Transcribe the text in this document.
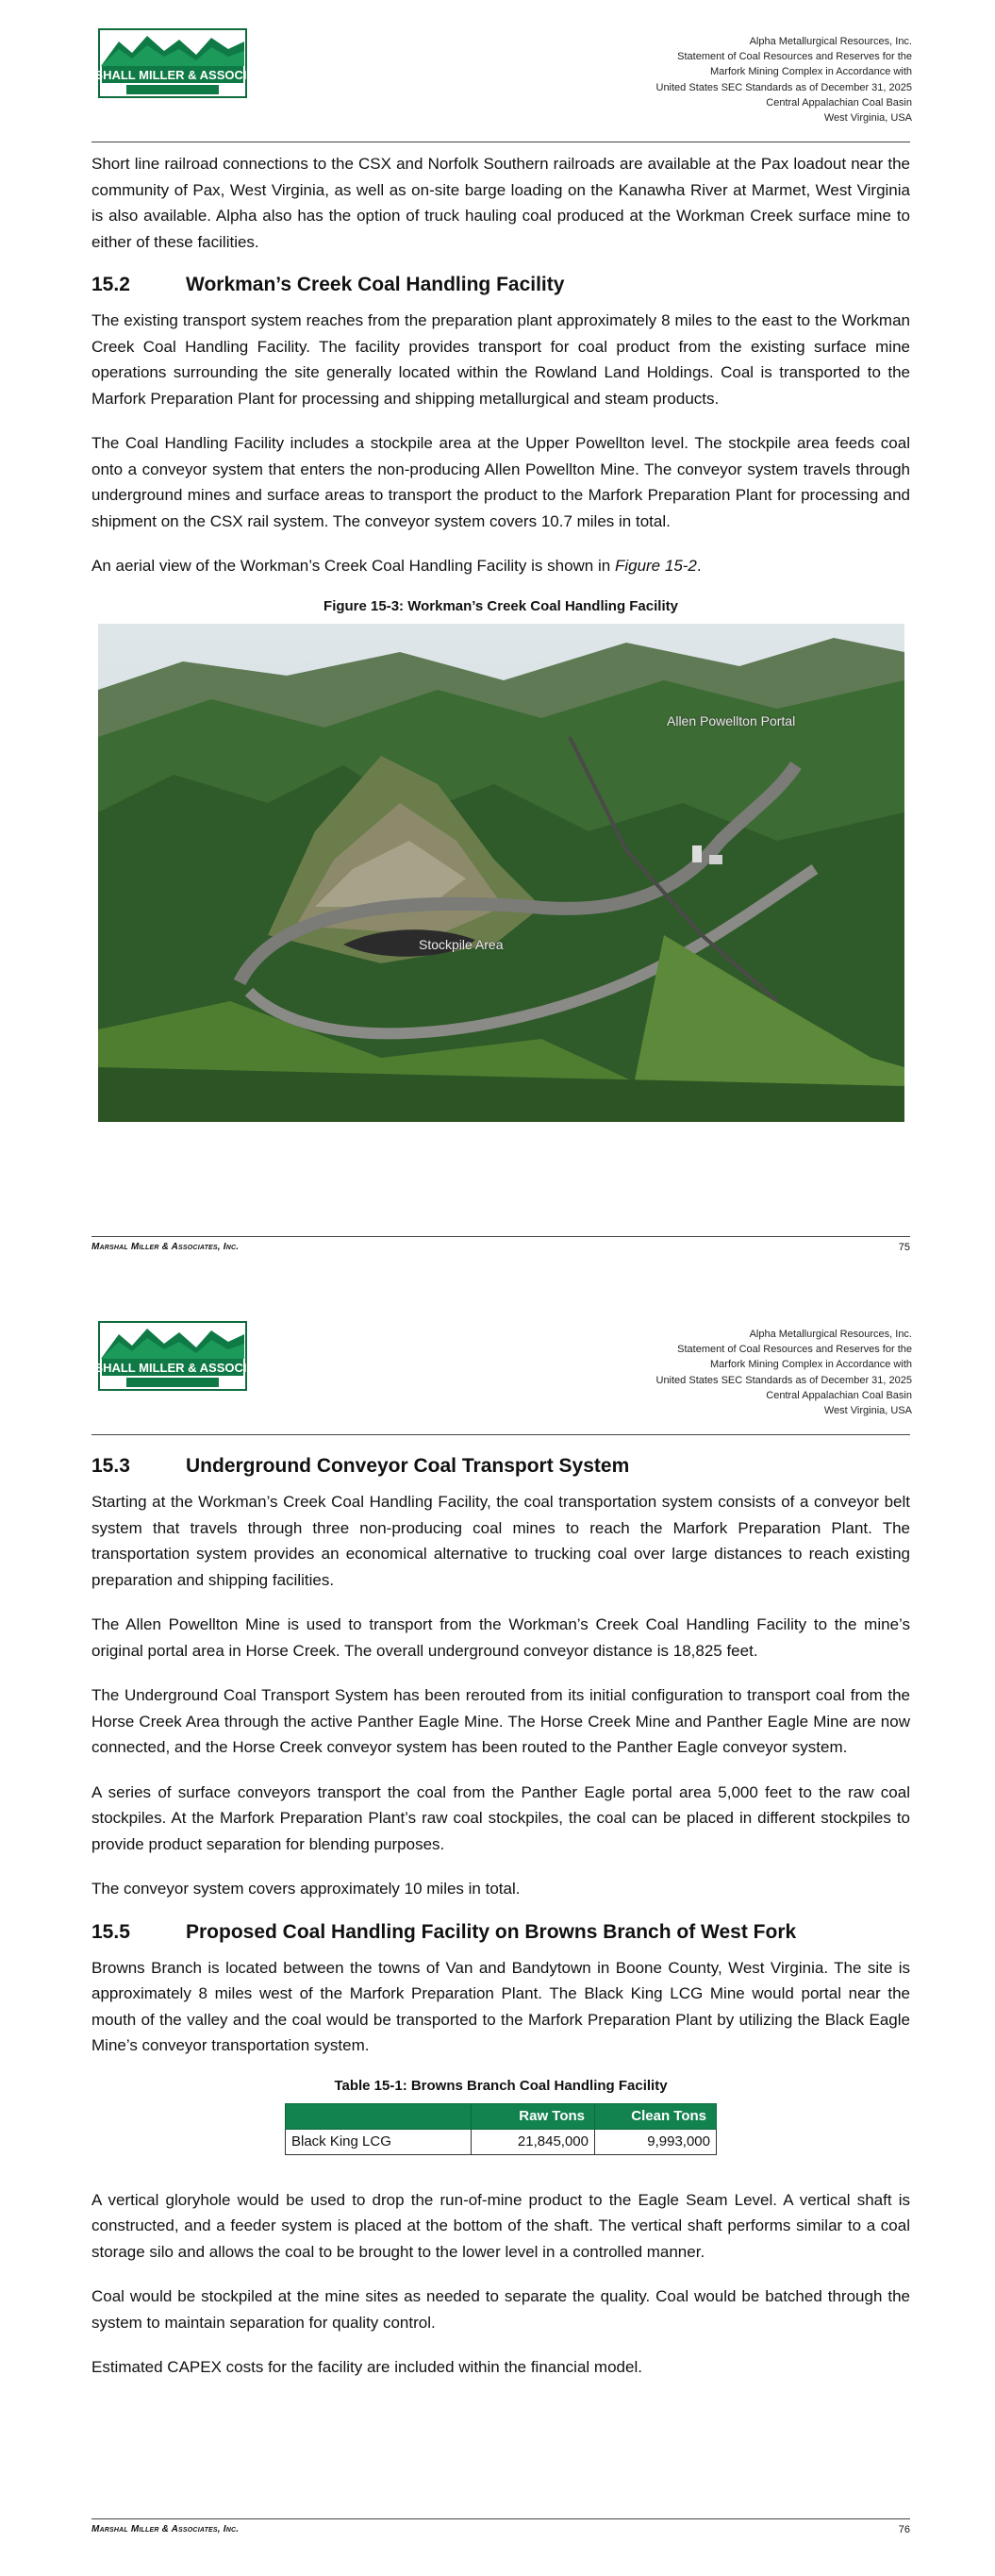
MARSHALL MILLER & ASSOCIATES
Alpha Metallurgical Resources, Inc.
Statement of Coal Resources and Reserves for the
Marfork Mining Complex in Accordance with
United States SEC Standards as of December 31, 2025
Central Appalachian Coal Basin
West Virginia, USA

Short line railroad connections to the CSX and Norfolk Southern railroads are available at the Pax loadout near the community of Pax, West Virginia, as well as on-site barge loading on the Kanawha River at Marmet, West Virginia is also available. Alpha also has the option of truck hauling coal produced at the Workman Creek surface mine to either of these facilities.

15.2	Workman’s Creek Coal Handling Facility

The existing transport system reaches from the preparation plant approximately 8 miles to the east to the Workman Creek Coal Handling Facility. The facility provides transport for coal product from the existing surface mine operations surrounding the site generally located within the Rowland Land Holdings. Coal is transported to the Marfork Preparation Plant for processing and shipping metallurgical and steam products.

The Coal Handling Facility includes a stockpile area at the Upper Powellton level. The stockpile area feeds coal onto a conveyor system that enters the non-producing Allen Powellton Mine. The conveyor system travels through underground mines and surface areas to transport the product to the Marfork Preparation Plant for processing and shipment on the CSX rail system. The conveyor system covers 10.7 miles in total.

An aerial view of the Workman’s Creek Coal Handling Facility is shown in Figure 15-2.

Figure 15-3: Workman’s Creek Coal Handling Facility
Allen Powellton Portal
Stockpile Area
Marshal Miller & Associates, Inc.	75
MARSHALL MILLER & ASSOCIATES
Alpha Metallurgical Resources, Inc.
Statement of Coal Resources and Reserves for the
Marfork Mining Complex in Accordance with
United States SEC Standards as of December 31, 2025
Central Appalachian Coal Basin
West Virginia, USA
15.3	Underground Conveyor Coal Transport System

Starting at the Workman’s Creek Coal Handling Facility, the coal transportation system consists of a conveyor belt system that travels through three non-producing coal mines to reach the Marfork Preparation Plant. The transportation system provides an economical alternative to trucking coal over large distances to reach existing preparation and shipping facilities.

The Allen Powellton Mine is used to transport from the Workman’s Creek Coal Handling Facility to the mine’s original portal area in Horse Creek. The overall underground conveyor distance is 18,825 feet.

The Underground Coal Transport System has been rerouted from its initial configuration to transport coal from the Horse Creek Area through the active Panther Eagle Mine. The Horse Creek Mine and Panther Eagle Mine are now connected, and the Horse Creek conveyor system has been routed to the Panther Eagle conveyor system.

A series of surface conveyors transport the coal from the Panther Eagle portal area 5,000 feet to the raw coal stockpiles. At the Marfork Preparation Plant’s raw coal stockpiles, the coal can be placed in different stockpiles to provide product separation for blending purposes.

The conveyor system covers approximately 10 miles in total.

15.5	Proposed Coal Handling Facility on Browns Branch of West Fork

Browns Branch is located between the towns of Van and Bandytown in Boone County, West Virginia. The site is approximately 8 miles west of the Marfork Preparation Plant. The Black King LCG Mine would portal near the mouth of the valley and the coal would be transported to the Marfork Preparation Plant by utilizing the Black Eagle Mine’s conveyor transportation system.

Table 15-1: Browns Branch Coal Handling Facility
	Raw Tons	Clean Tons
Black King LCG	21,845,000	9,993,000

A vertical gloryhole would be used to drop the run-of-mine product to the Eagle Seam Level. A vertical shaft is constructed, and a feeder system is placed at the bottom of the shaft. The vertical shaft performs similar to a coal storage silo and allows the coal to be brought to the lower level in a controlled manner.

Coal would be stockpiled at the mine sites as needed to separate the quality. Coal would be batched through the system to maintain separation for quality control.

Estimated CAPEX costs for the facility are included within the financial model.

Marshal Miller & Associates, Inc.	76
